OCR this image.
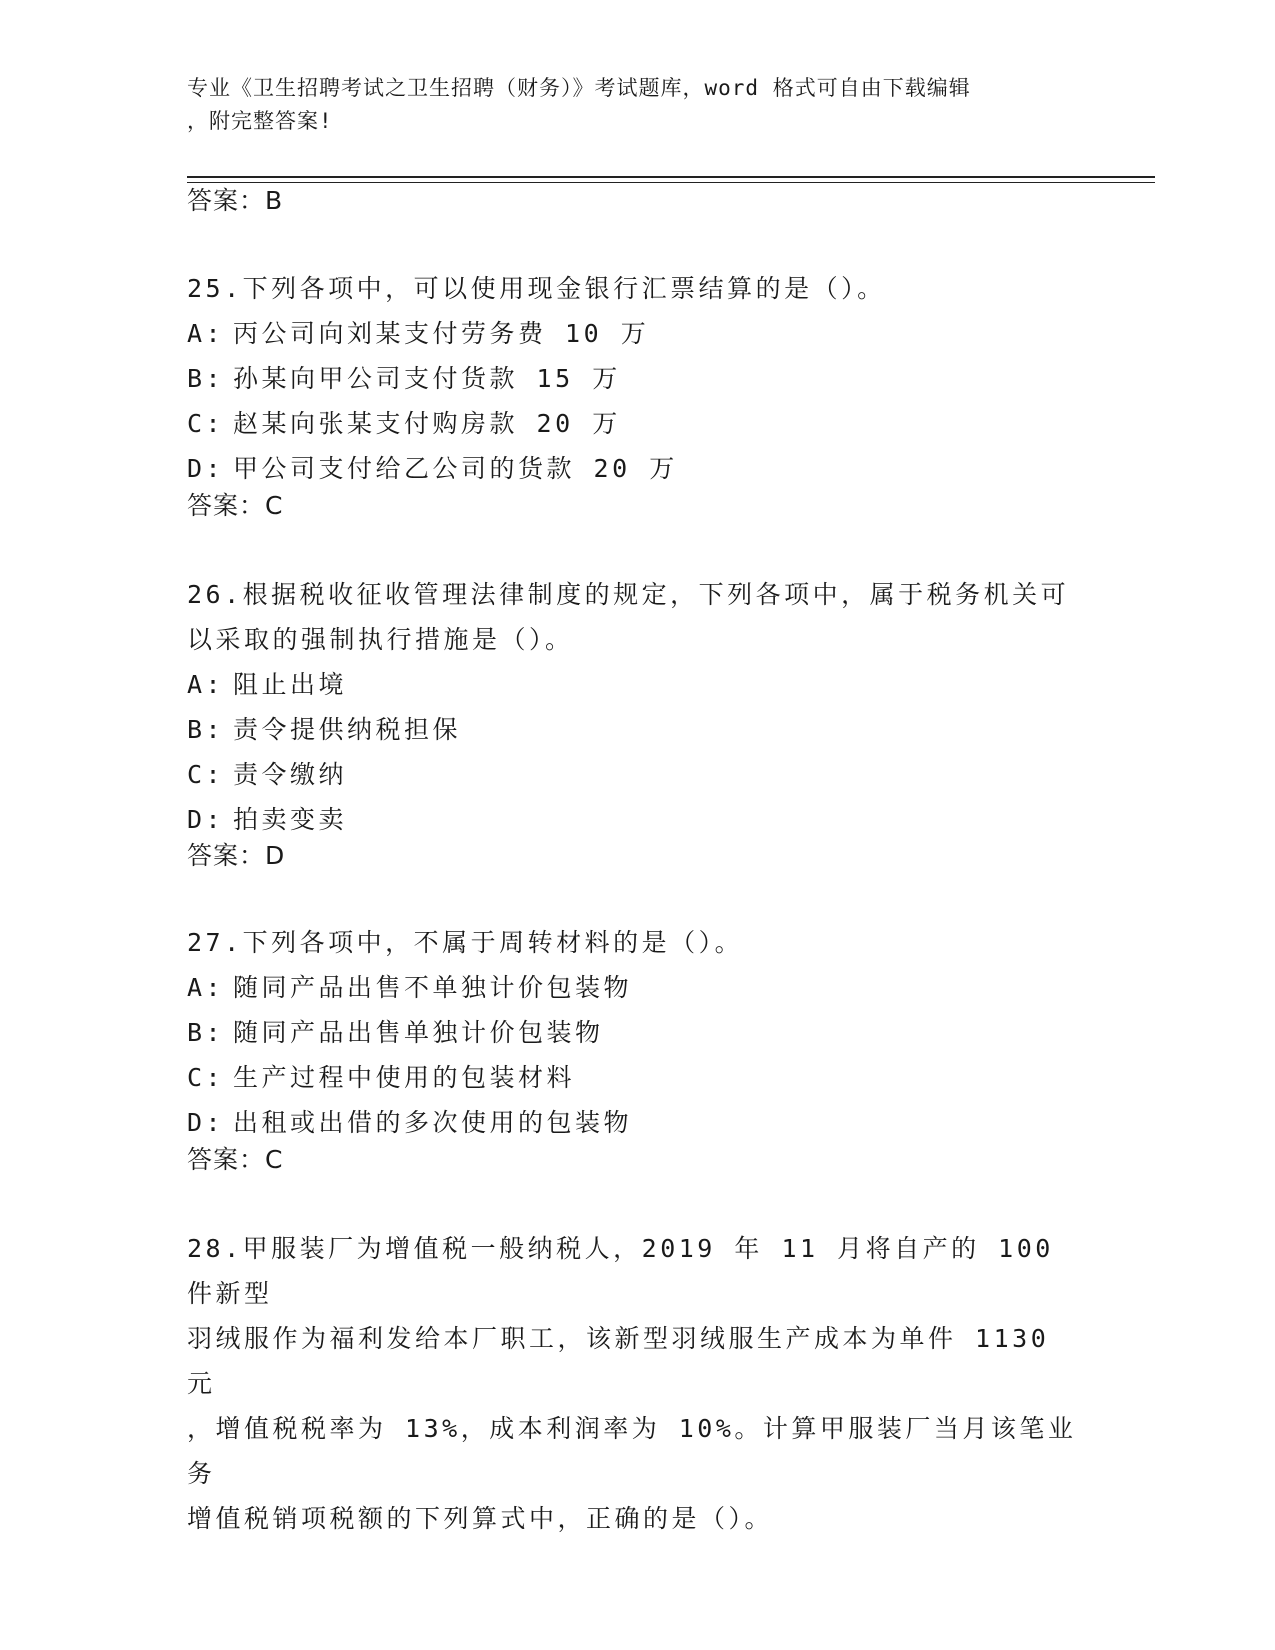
专业《卫生招聘考试之卫生招聘（财务）》考试题库，word 格式可自由下载编辑
，附完整答案!
答案：B
25.下列各项中，可以使用现金银行汇票结算的是（）。
A: 丙公司向刘某支付劳务费 10 万
B: 孙某向甲公司支付货款 15 万
C: 赵某向张某支付购房款 20 万
D: 甲公司支付给乙公司的货款 20 万
答案：C
26.根据税收征收管理法律制度的规定，下列各项中，属于税务机关可
以采取的强制执行措施是（）。
A: 阻止出境
B: 责令提供纳税担保
C: 责令缴纳
D: 拍卖变卖
答案：D
27.下列各项中，不属于周转材料的是（）。
A: 随同产品出售不单独计价包装物
B: 随同产品出售单独计价包装物
C: 生产过程中使用的包装材料
D: 出租或出借的多次使用的包装物
答案：C
28.甲服装厂为增值税一般纳税人，2019 年 11 月将自产的 100 件新型
羽绒服作为福利发给本厂职工，该新型羽绒服生产成本为单件 1130 元
，增值税税率为 13%，成本利润率为 10%。计算甲服装厂当月该笔业务
增值税销项税额的下列算式中，正确的是（）。
